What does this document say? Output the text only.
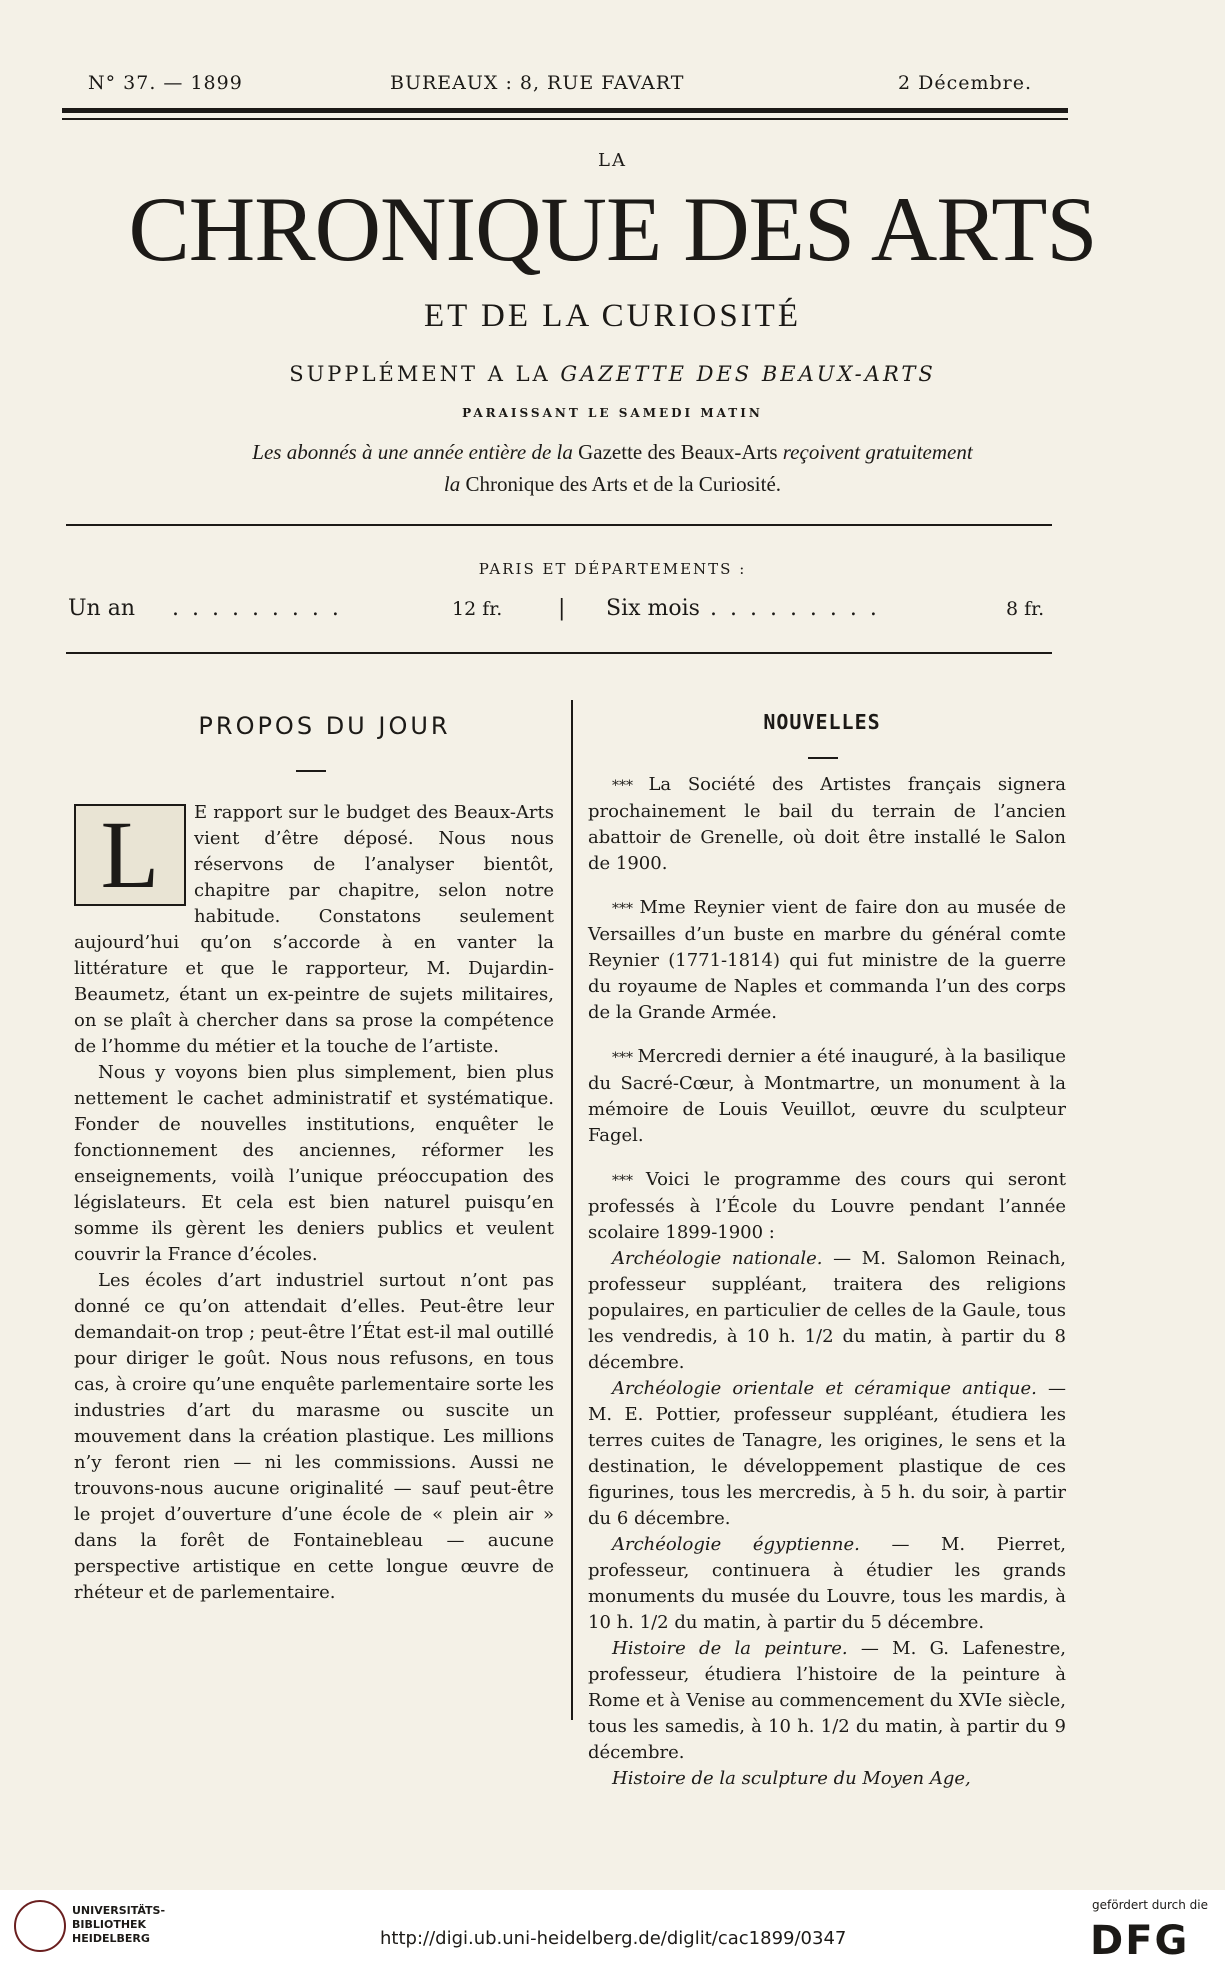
N° 37. — 1899	BUREAUX : 8, RUE FAVART	2 Décembre.
LA
CHRONIQUE DES ARTS
ET DE LA CURIOSITÉ
SUPPLÉMENT A LA GAZETTE DES BEAUX-ARTS
PARAISSANT LE SAMEDI MATIN
Les abonnés à une année entière de la Gazette des Beaux-Arts reçoivent gratuitement
la Chronique des Arts et de la Curiosité.
PARIS ET DÉPARTEMENTS :
Un an . . . . . . . . .	12 fr.	| Six mois . . . . . . . . .	8 fr.
PROPOS DU JOUR	NOUVELLES

L	E rapport sur le budget des Beaux-Arts vient d’être déposé. Nous nous réservons de l’analyser bientôt, chapitre par chapitre, selon notre habitude. Constatons seulement aujourd’hui qu’on s’accorde à en vanter la littérature et que le rapporteur, M. Dujardin-Beaumetz, étant un ex-peintre de sujets militaires, on se plaît à chercher dans sa prose la compétence de l’homme du métier et la touche de l’artiste.

Nous y voyons bien plus simplement, bien plus nettement le cachet administratif et systématique. Fonder de nouvelles institutions, enquêter le fonctionnement des anciennes, réformer les enseignements, voilà l’unique préoccupation des législateurs. Et cela est bien naturel puisqu’en somme ils gèrent les deniers publics et veulent couvrir la France d’écoles.

Les écoles d’art industriel surtout n’ont pas donné ce qu’on attendait d’elles. Peut-être leur demandait-on trop ; peut-être l’État est-il mal outillé pour diriger le goût. Nous nous refusons, en tous cas, à croire qu’une enquête parlementaire sorte les industries d’art du marasme ou suscite un mouvement dans la création plastique. Les millions n’y feront rien — ni les commissions. Aussi ne trouvons-nous aucune originalité — sauf peut-être le projet d’ouverture d’une école de « plein air » dans la forêt de Fontainebleau — aucune perspective artistique en cette longue œuvre de rhéteur et de parlementaire.

*** La Société des Artistes français signera prochainement le bail du terrain de l’ancien abattoir de Grenelle, où doit être installé le Salon de 1900.

*** Mme Reynier vient de faire don au musée de Versailles d’un buste en marbre du général comte Reynier (1771-1814) qui fut ministre de la guerre du royaume de Naples et commanda l’un des corps de la Grande Armée.

*** Mercredi dernier a été inauguré, à la basilique du Sacré-Cœur, à Montmartre, un monument à la mémoire de Louis Veuillot, œuvre du sculpteur Fagel.

*** Voici le programme des cours qui seront professés à l’École du Louvre pendant l’année scolaire 1899-1900 :

Archéologie nationale. — M. Salomon Reinach, professeur suppléant, traitera des religions populaires, en particulier de celles de la Gaule, tous les vendredis, à 10 h. 1/2 du matin, à partir du 8 décembre.

Archéologie orientale et céramique antique. — M. E. Pottier, professeur suppléant, étudiera les terres cuites de Tanagre, les origines, le sens et la destination, le développement plastique de ces figurines, tous les mercredis, à 5 h. du soir, à partir du 6 décembre.

Archéologie égyptienne. — M. Pierret, professeur, continuera à étudier les grands monuments du musée du Louvre, tous les mardis, à 10 h. 1/2 du matin, à partir du 5 décembre.

Histoire de la peinture. — M. G. Lafenestre, professeur, étudiera l’histoire de la peinture à Rome et à Venise au commencement du XVIe siècle, tous les samedis, à 10 h. 1/2 du matin, à partir du 9 décembre.

Histoire de la sculpture du Moyen Age,

UNIVERSITÄTS-
BIBLIOTHEK
HEIDELBERG	http://digi.ub.uni-heidelberg.de/diglit/cac1899/0347
gefördert durch die
DFG
